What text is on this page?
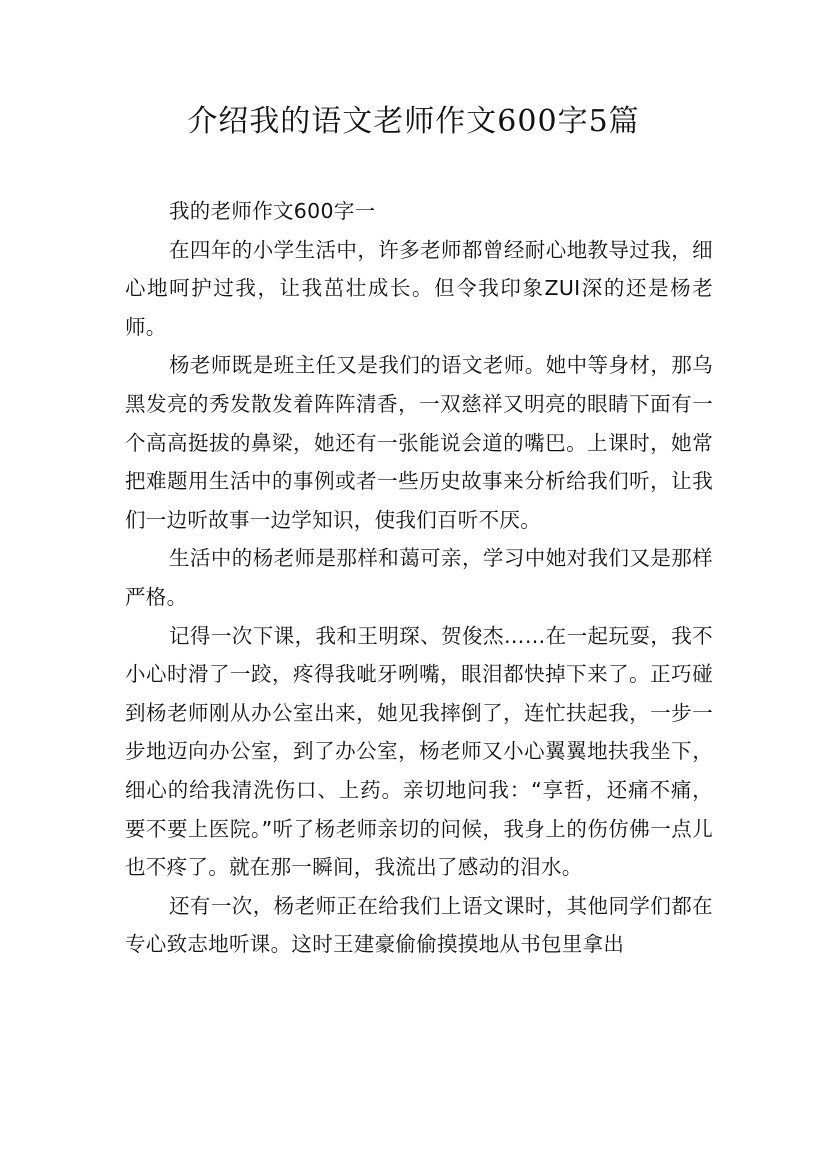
介绍我的语文老师作文600字5篇

我的老师作文600字一

在四年的小学生活中，许多老师都曾经耐心地教导过我，细心地呵护过我，让我茁壮成长。但令我印象ZUI深的还是杨老师。

杨老师既是班主任又是我们的语文老师。她中等身材，那乌黑发亮的秀发散发着阵阵清香，一双慈祥又明亮的眼睛下面有一个高高挺拔的鼻梁，她还有一张能说会道的嘴巴。上课时，她常把难题用生活中的事例或者一些历史故事来分析给我们听，让我们一边听故事一边学知识，使我们百听不厌。

生活中的杨老师是那样和蔼可亲，学习中她对我们又是那样严格。

记得一次下课，我和王明琛、贺俊杰……在一起玩耍，我不小心时滑了一跤，疼得我呲牙咧嘴，眼泪都快掉下来了。正巧碰到杨老师刚从办公室出来，她见我摔倒了，连忙扶起我，一步一步地迈向办公室，到了办公室，杨老师又小心翼翼地扶我坐下，细心的给我清洗伤口、上药。亲切地问我：“享哲，还痛不痛，要不要上医院。”听了杨老师亲切的问候，我身上的伤仿佛一点儿也不疼了。就在那一瞬间，我流出了感动的泪水。

还有一次，杨老师正在给我们上语文课时，其他同学们都在专心致志地听课。这时王建豪偷偷摸摸地从书包里拿出
